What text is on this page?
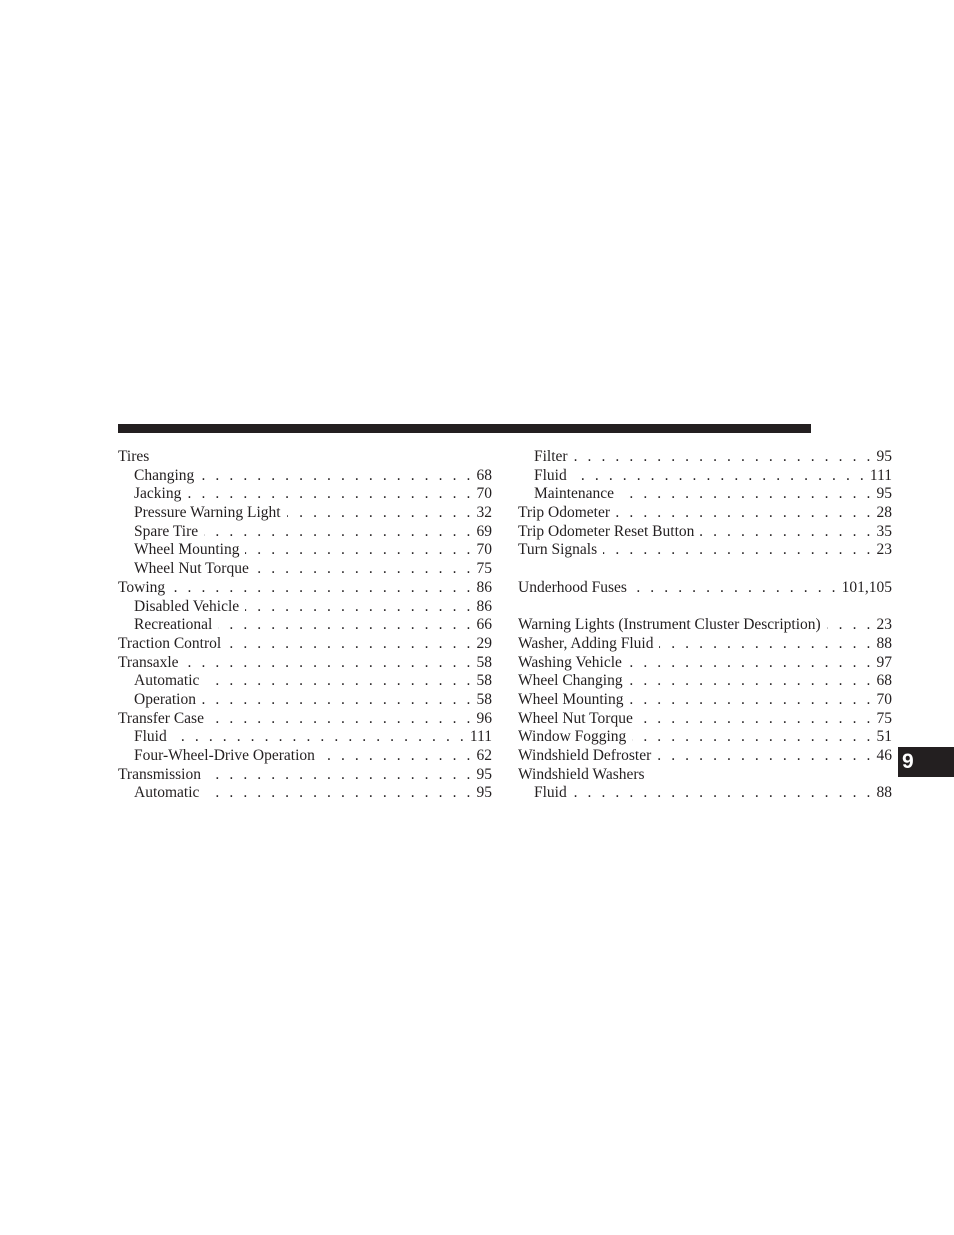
Tires
Changing . . .	68
Jacking . . .	70
Pressure Warning Light . . .	32
Spare Tire . . .	69
Wheel Mounting . . .	70
Wheel Nut Torque . . .	75
Towing . . .	86
Disabled Vehicle . . .	86
Recreational . . .	66
Traction Control . . .	29
Transaxle . . .	58
Automatic . . .	58
Operation . . .	58
Transfer Case . . .	96
Fluid . . .	111
Four-Wheel-Drive Operation . . .	62
Transmission . . .	95
Automatic . . .	95
Filter . . .	95
Fluid . . .	111
Maintenance . . .	95
Trip Odometer . . .	28
Trip Odometer Reset Button . . .	35
Turn Signals . . .	23
Underhood Fuses . . .	101,105
Warning Lights (Instrument Cluster Description) . . .	23
Washer, Adding Fluid . . .	88
Washing Vehicle . . .	97
Wheel Changing . . .	68
Wheel Mounting . . .	70
Wheel Nut Torque . . .	75
Window Fogging . . .	51
Windshield Defroster . . .	46
Windshield Washers
Fluid . . .	88
9
